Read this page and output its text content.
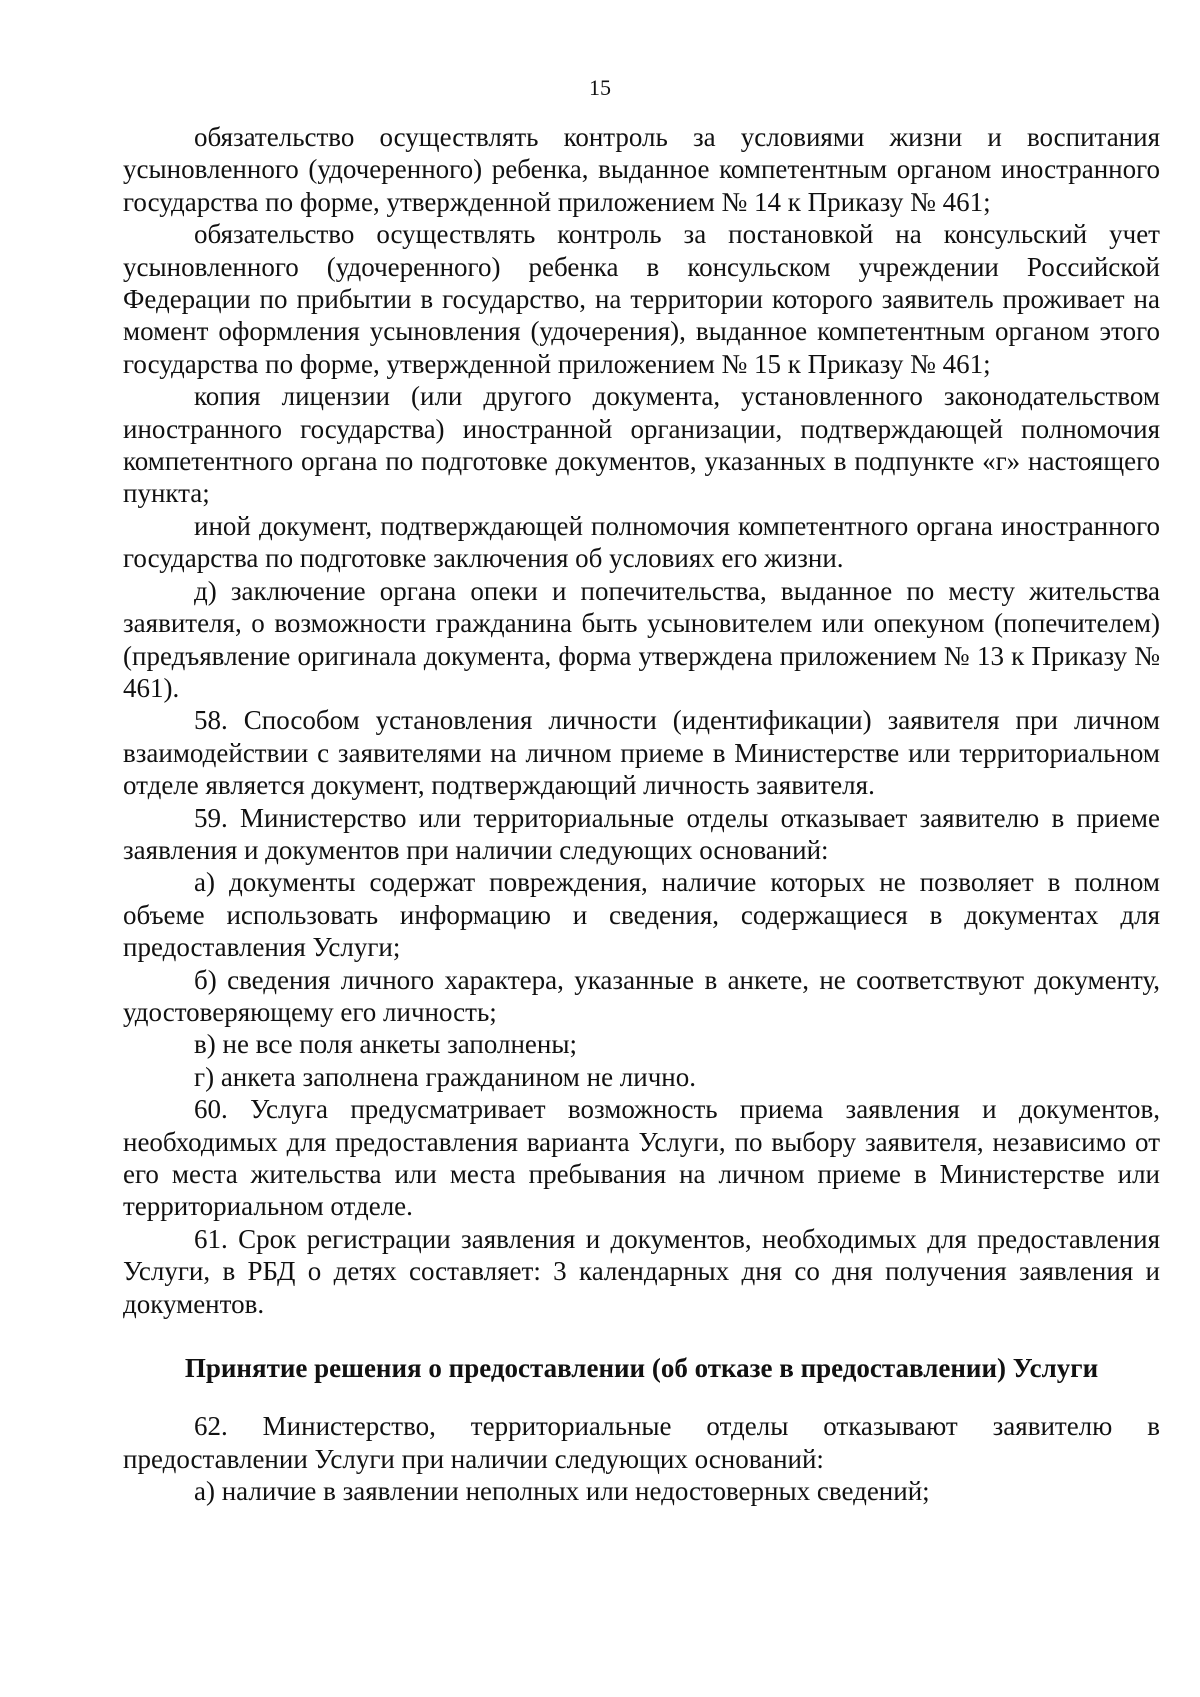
15

обязательство осуществлять контроль за условиями жизни и воспитания усыновленного (удочеренного) ребенка, выданное компетентным органом иностранного государства по форме, утвержденной приложением № 14 к Приказу № 461;

обязательство осуществлять контроль за постановкой на консульский учет усыновленного (удочеренного) ребенка в консульском учреждении Российской Федерации по прибытии в государство, на территории которого заявитель проживает на момент оформления усыновления (удочерения), выданное компетентным органом этого государства по форме, утвержденной приложением № 15 к Приказу № 461;

копия лицензии (или другого документа, установленного законодательством иностранного государства) иностранной организации, подтверждающей полномочия компетентного органа по подготовке документов, указанных в подпункте «г» настоящего пункта;

иной документ, подтверждающей полномочия компетентного органа иностранного государства по подготовке заключения об условиях его жизни.

д) заключение органа опеки и попечительства, выданное по месту жительства заявителя, о возможности гражданина быть усыновителем или опекуном (попечителем) (предъявление оригинала документа, форма утверждена приложением № 13 к Приказу № 461).

58. Способом установления личности (идентификации) заявителя при личном взаимодействии с заявителями на личном приеме в Министерстве или территориальном отделе является документ, подтверждающий личность заявителя.

59. Министерство или территориальные отделы отказывает заявителю в приеме заявления и документов при наличии следующих оснований:

а) документы содержат повреждения, наличие которых не позволяет в полном объеме использовать информацию и сведения, содержащиеся в документах для предоставления Услуги;

б) сведения личного характера, указанные в анкете, не соответствуют документу, удостоверяющему его личность;

в) не все поля анкеты заполнены;

г) анкета заполнена гражданином не лично.

60. Услуга предусматривает возможность приема заявления и документов, необходимых для предоставления варианта Услуги, по выбору заявителя, независимо от его места жительства или места пребывания на личном приеме в Министерстве или территориальном отделе.

61. Срок регистрации заявления и документов, необходимых для предоставления Услуги, в РБД о детях составляет: 3 календарных дня со дня получения заявления и документов.

Принятие решения о предоставлении (об отказе в предоставлении) Услуги

62. Министерство, территориальные отделы отказывают заявителю в предоставлении Услуги при наличии следующих оснований:

а) наличие в заявлении неполных или недостоверных сведений;
